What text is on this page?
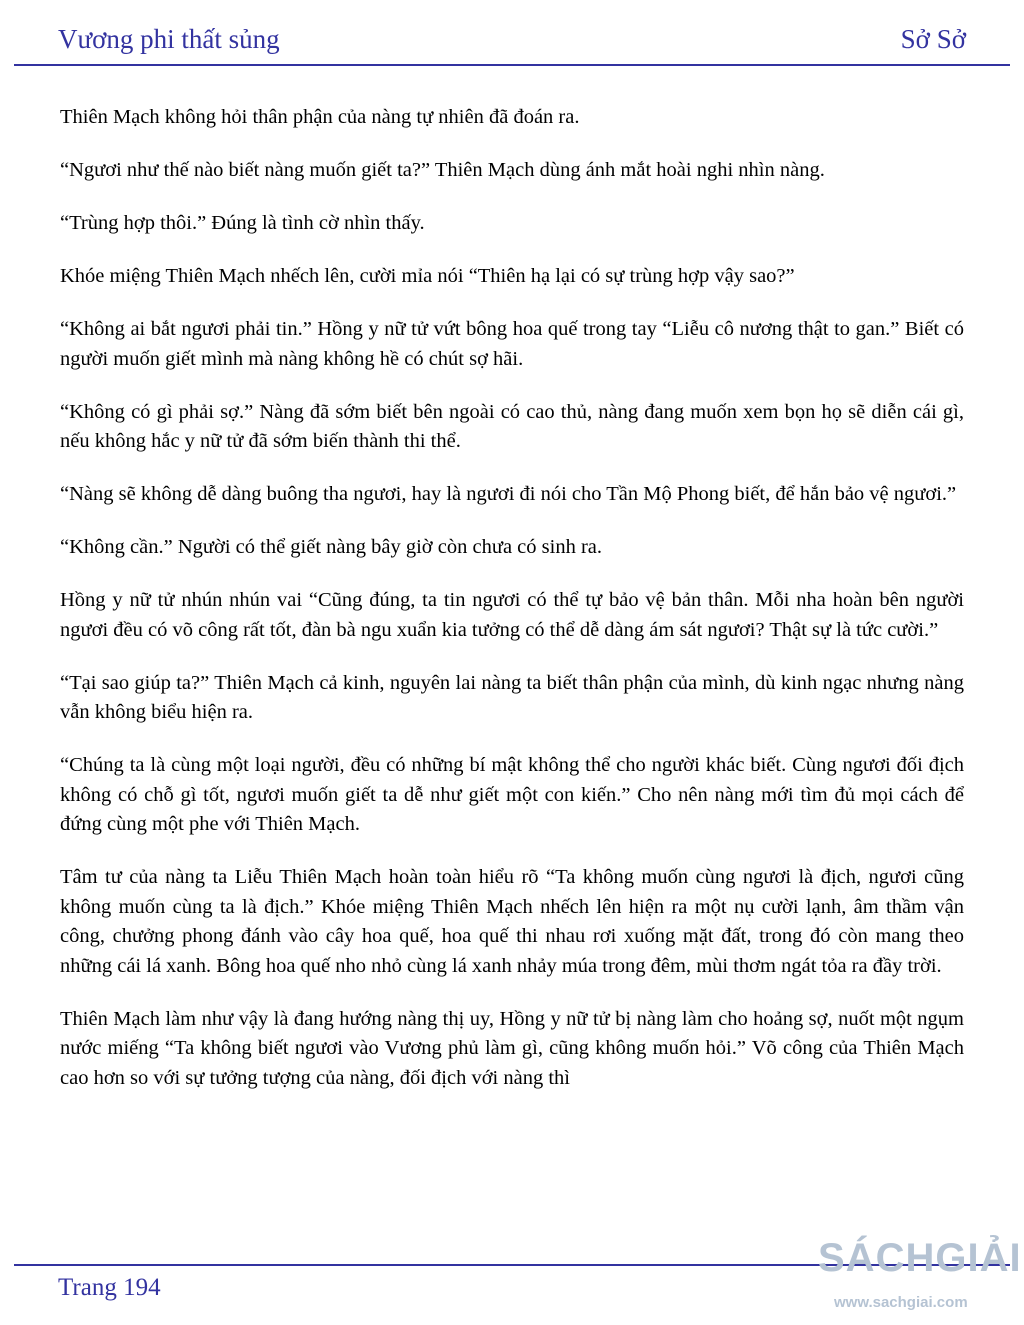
Vương phi thất sủng	Sở Sở

Thiên Mạch không hỏi thân phận của nàng tự nhiên đã đoán ra.

“Ngươi như thế nào biết nàng muốn giết ta?” Thiên Mạch dùng ánh mắt hoài nghi nhìn nàng.

“Trùng hợp thôi.” Đúng là tình cờ nhìn thấy.

Khóe miệng Thiên Mạch nhếch lên, cười mỉa nói “Thiên hạ lại có sự trùng hợp vậy sao?”

“Không ai bắt ngươi phải tin.” Hồng y nữ tử vứt bông hoa quế trong tay “Liễu cô nương thật to gan.” Biết có người muốn giết mình mà nàng không hề có chút sợ hãi.

“Không có gì phải sợ.” Nàng đã sớm biết bên ngoài có cao thủ, nàng đang muốn xem bọn họ sẽ diễn cái gì, nếu không hắc y nữ tử đã sớm biến thành thi thể.

“Nàng sẽ không dễ dàng buông tha ngươi, hay là ngươi đi nói cho Tần Mộ Phong biết, để hắn bảo vệ ngươi.”

“Không cần.” Người có thể giết nàng bây giờ còn chưa có sinh ra.

Hồng y nữ tử nhún nhún vai “Cũng đúng, ta tin ngươi có thể tự bảo vệ bản thân. Mỗi nha hoàn bên người ngươi đều có võ công rất tốt, đàn bà ngu xuẩn kia tưởng có thể dễ dàng ám sát ngươi? Thật sự là tức cười.”

“Tại sao giúp ta?” Thiên Mạch cả kinh, nguyên lai nàng ta biết thân phận của mình, dù kinh ngạc nhưng nàng vẫn không biểu hiện ra.

“Chúng ta là cùng một loại người, đều có những bí mật không thể cho người khác biết. Cùng ngươi đối địch không có chỗ gì tốt, ngươi muốn giết ta dễ như giết một con kiến.” Cho nên nàng mới tìm đủ mọi cách để đứng cùng một phe với Thiên Mạch.

Tâm tư của nàng ta Liễu Thiên Mạch hoàn toàn hiểu rõ “Ta không muốn cùng ngươi là địch, ngươi cũng không muốn cùng ta là địch.” Khóe miệng Thiên Mạch nhếch lên hiện ra một nụ cười lạnh, âm thầm vận công, chưởng phong đánh vào cây hoa quế, hoa quế thi nhau rơi xuống mặt đất, trong đó còn mang theo những cái lá xanh. Bông hoa quế nho nhỏ cùng lá xanh nhảy múa trong đêm, mùi thơm ngát tỏa ra đầy trời.

Thiên Mạch làm như vậy là đang hướng nàng thị uy, Hồng y nữ tử bị nàng làm cho hoảng sợ, nuốt một ngụm nước miếng “Ta không biết ngươi vào Vương phủ làm gì, cũng không muốn hỏi.” Võ công của Thiên Mạch cao hơn so với sự tưởng tượng của nàng, đối địch với nàng thì

Trang 194
SÁCHGIẢI
www.sachgiai.com
